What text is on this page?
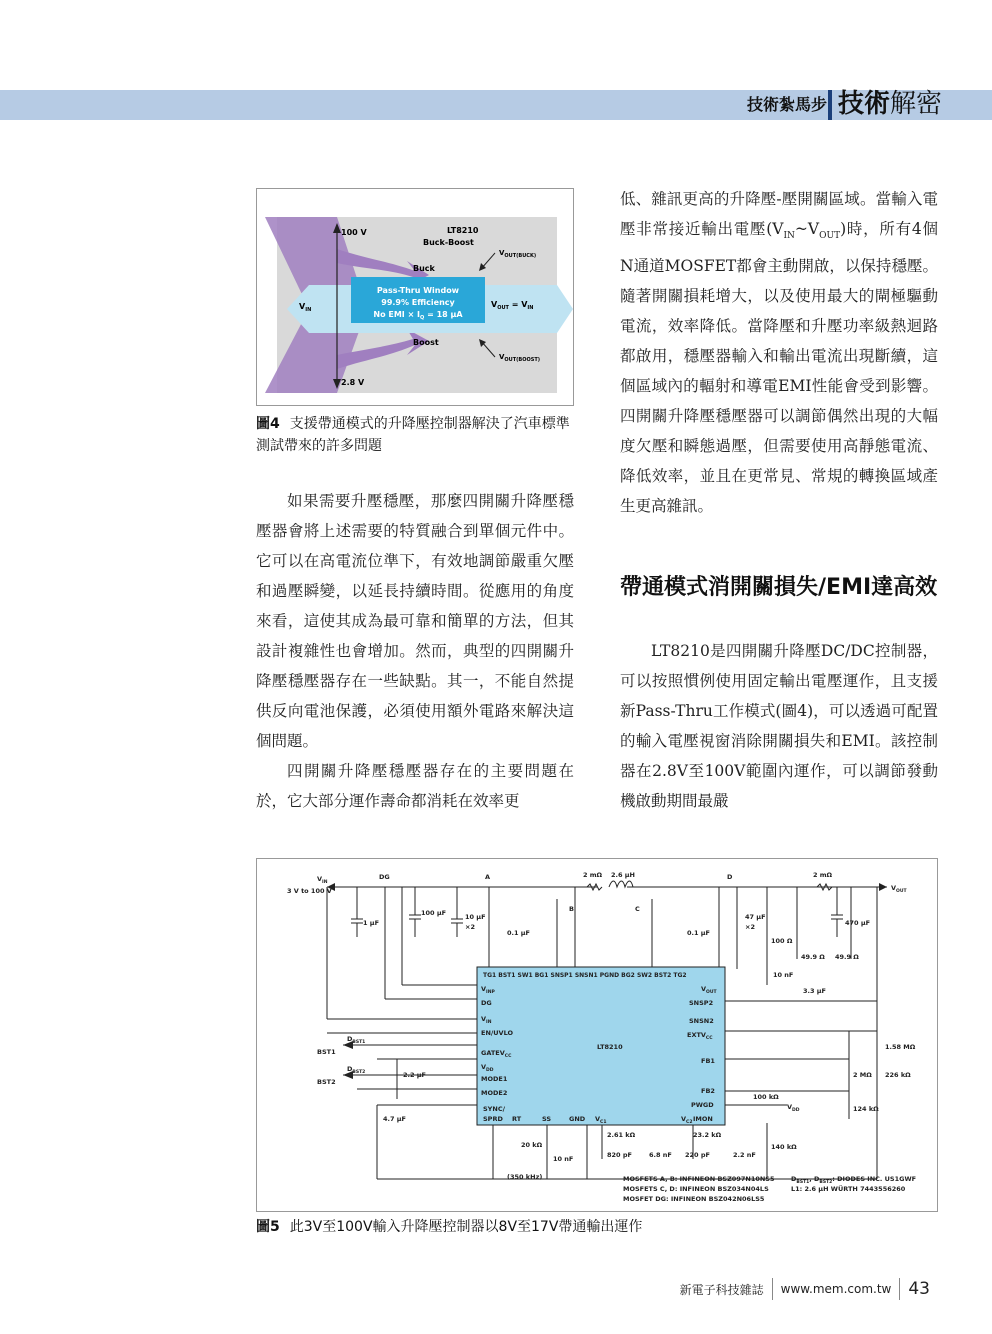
技術紮馬步 技術解密
100 V
2.8 V
LT8210
Buck-Boost
Buck
Boost
$V_{IN}$
Pass-Thru Window
99.9% Efficiency
No EMI × $I_Q = 18$ μA
$V_{OUT} = V_{IN}$
$V_{OUT(BUCK)}$
$V_{OUT(BOOST)}$
圖4 支援帶通模式的升降壓控制器解決了汽車標準測試帶來的許多問題

如果需要升壓穩壓，那麼四開關升降壓穩壓器會將上述需要的特質融合到單個元件中。它可以在高電流位準下，有效地調節嚴重欠壓和過壓瞬變，以延長持續時間。從應用的角度來看，這使其成為最可靠和簡單的方法，但其設計複雜性也會增加。然而，典型的四開關升降壓穩壓器存在一些缺點。其一，不能自然提供反向電池保護，必須使用額外電路來解決這個問題。

四開關升降壓穩壓器存在的主要問題在於，它大部分運作壽命都消耗在效率更

低、雜訊更高的升降壓-壓開關區域。當輸入電壓非常接近輸出電壓$(V_{IN}\sim V_{OUT})$時，所有4個N通道MOSFET都會主動開啟，以保持穩壓。隨著開關損耗增大，以及使用最大的閘極驅動電流，效率降低。當降壓和升壓功率級熱迴路都啟用，穩壓器輸入和輸出電流出現斷續，這個區域內的輻射和導電EMI性能會受到影響。四開關升降壓穩壓器可以調節偶然出現的大幅度欠壓和瞬態過壓，但需要使用高靜態電流、降低效率，並且在更常見、常規的轉換區域產生更高雜訊。

帶通模式消開關損失/EMI達高效

LT8210是四開關升降壓DC/DC控制器，可以按照慣例使用固定輸出電壓運作，且支援新Pass-Thru工作模式(圖4)，可以透過可配置的輸入電壓視窗消除開關損失和EMI。該控制器在2.8V至100V範圍內運作，可以調節發動機啟動期間最嚴

$V_{IN}$
3 V to 100 V
DG	A
B	C
D
2 mΩ 2.6 μH	2 mΩ
$V_{OUT}$
1 μF
100 μF	10 μF
×2
0.1 μF	0.1 μF
47 μF
×2	470 μF
100 Ω
49.9 Ω 49.9 Ω
10 nF
3.3 μF
TG1 BST1 SW1 BG1 SNSP1 SNSN1 PGND BG2 SW2 BST2 TG2
$V_{INP}$
DG
$V_{IN}$
EN/UVLO
$GATEV_{CC}$
$V_{DD}$
MODE1
MODE2
SYNC/
SPRD RT	SS	GND $V_{C1}$	$V_{C2}$ IMON
PWGD
FB2
FB1
$EXTV_{CC}$
SNSN2
SNSP2
$V_{OUT}$
LT8210
$D_{BST1}$
$D_{BST2}$
BST1
BST2
2.2 μF
4.7 μF
1.58 MΩ
2 MΩ 226 kΩ
100 kΩ
$V_{DD}$	124 kΩ
20 kΩ
10 nF
2.61 kΩ
820 pF	6.8 nF
23.2 kΩ
220 pF	2.2 nF
140 kΩ
(350 kHz)	MOSFETS A, B: INFINEON BSZ097N10NS5
MOSFETS C, D: INFINEON BSZ034N04LS
MOSFET DG: INFINEON BSZ042N06LS5
$D_{BST1}$, $D_{BST2}$: DIODES INC. US1GWF
L1: 2.6 μH WÜRTH 7443556260
圖5 此3V至100V輸入升降壓控制器以8V至17V帶通輸出運作
新電子科技雜誌 www.mem.com.tw 43
